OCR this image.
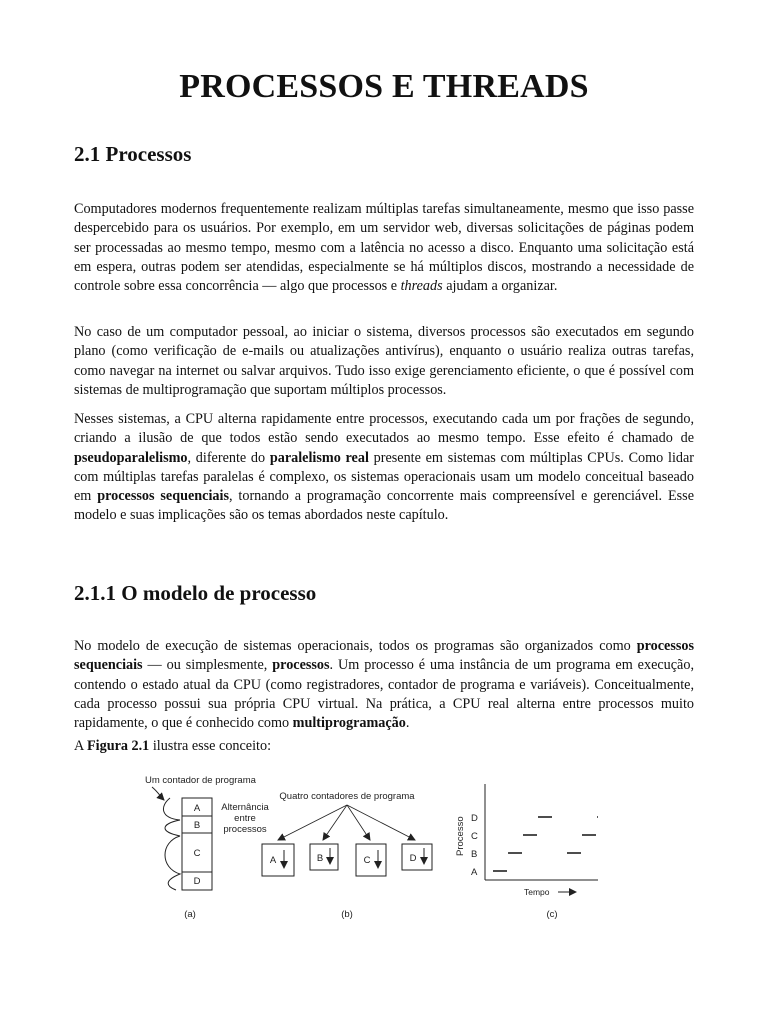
PROCESSOS E THREADS
2.1 Processos

Computadores modernos frequentemente realizam múltiplas tarefas simultaneamente, mesmo que isso passe despercebido para os usuários. Por exemplo, em um servidor web, diversas solicitações de páginas podem ser processadas ao mesmo tempo, mesmo com a latência no acesso a disco. Enquanto uma solicitação está em espera, outras podem ser atendidas, especialmente se há múltiplos discos, mostrando a necessidade de controle sobre essa concorrência — algo que processos e threads ajudam a organizar.

No caso de um computador pessoal, ao iniciar o sistema, diversos processos são executados em segundo plano (como verificação de e-mails ou atualizações antivírus), enquanto o usuário realiza outras tarefas, como navegar na internet ou salvar arquivos. Tudo isso exige gerenciamento eficiente, o que é possível com sistemas de multiprogramação que suportam múltiplos processos.

Nesses sistemas, a CPU alterna rapidamente entre processos, executando cada um por frações de segundo, criando a ilusão de que todos estão sendo executados ao mesmo tempo. Esse efeito é chamado de pseudoparalelismo, diferente do paralelismo real presente em sistemas com múltiplas CPUs. Como lidar com múltiplas tarefas paralelas é complexo, os sistemas operacionais usam um modelo conceitual baseado em processos sequenciais, tornando a programação concorrente mais compreensível e gerenciável. Esse modelo e suas implicações são os temas abordados neste capítulo.

2.1.1 O modelo de processo

No modelo de execução de sistemas operacionais, todos os programas são organizados como processos sequenciais — ou simplesmente, processos. Um processo é uma instância de um programa em execução, contendo o estado atual da CPU (como registradores, contador de programa e variáveis). Conceitualmente, cada processo possui sua própria CPU virtual. Na prática, a CPU real alterna entre processos muito rapidamente, o que é conhecido como multiprogramação.

A Figura 2.1 ilustra esse conceito:

Um contador de programa
A
B
C
D
Alternância
entre
processos
(a)
Quatro contadores de programa
A	B	C	D
(b)
Processo D
C
B
A
Tempo
(c)
